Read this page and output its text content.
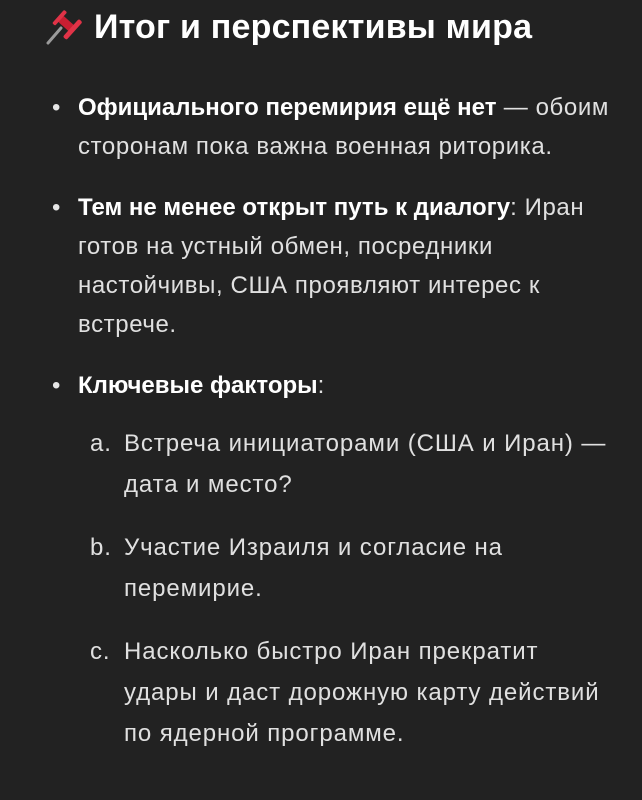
Итог и перспективы мира
• Официального перемирия ещё нет — обоим сторонам пока важна военная риторика.
• Тем не менее открыт путь к диалогу: Иран готов на устный обмен, посредники настойчивы, США проявляют интерес к встрече.
• Ключевые факторы:
a. Встреча инициаторами (США и Иран) — дата и место?
b. Участие Израиля и согласие на перемирие.
c. Насколько быстро Иран прекратит удары и даст дорожную карту действий по ядерной программе.
